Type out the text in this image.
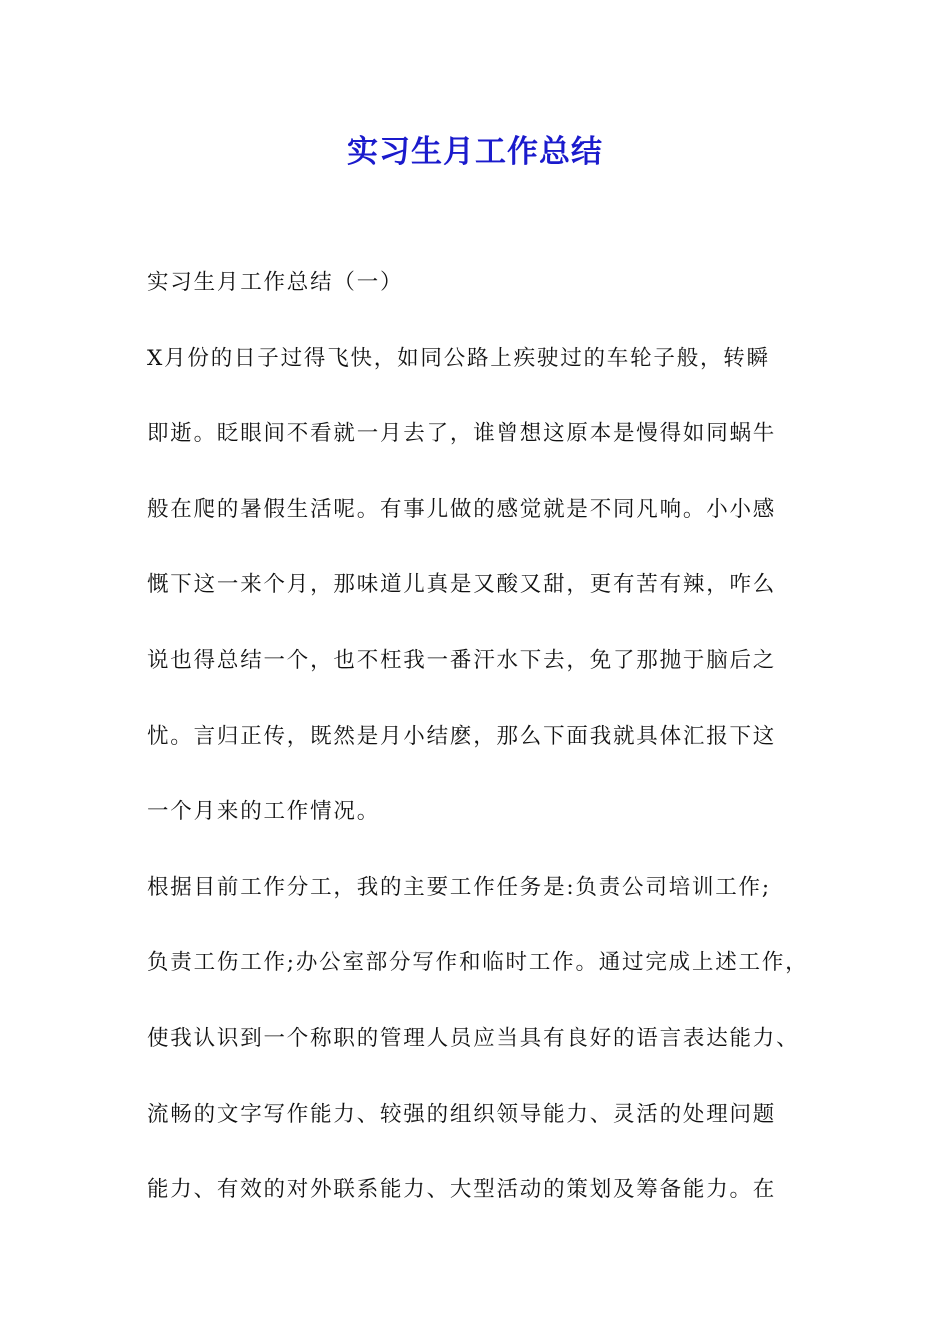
实习生月工作总结
实习生月工作总结（一）
X月份的日子过得飞快，如同公路上疾驶过的车轮子般，转瞬
即逝。眨眼间不看就一月去了，谁曾想这原本是慢得如同蜗牛
般在爬的暑假生活呢。有事儿做的感觉就是不同凡响。小小感
慨下这一来个月，那味道儿真是又酸又甜，更有苦有辣，咋么
说也得总结一个，也不枉我一番汗水下去，免了那抛于脑后之
忧。言归正传，既然是月小结麽，那么下面我就具体汇报下这
一个月来的工作情况。
根据目前工作分工，我的主要工作任务是:负责公司培训工作;
负责工伤工作;办公室部分写作和临时工作。通过完成上述工作，
使我认识到一个称职的管理人员应当具有良好的语言表达能力、
流畅的文字写作能力、较强的组织领导能力、灵活的处理问题
能力、有效的对外联系能力、大型活动的策划及筹备能力。在
